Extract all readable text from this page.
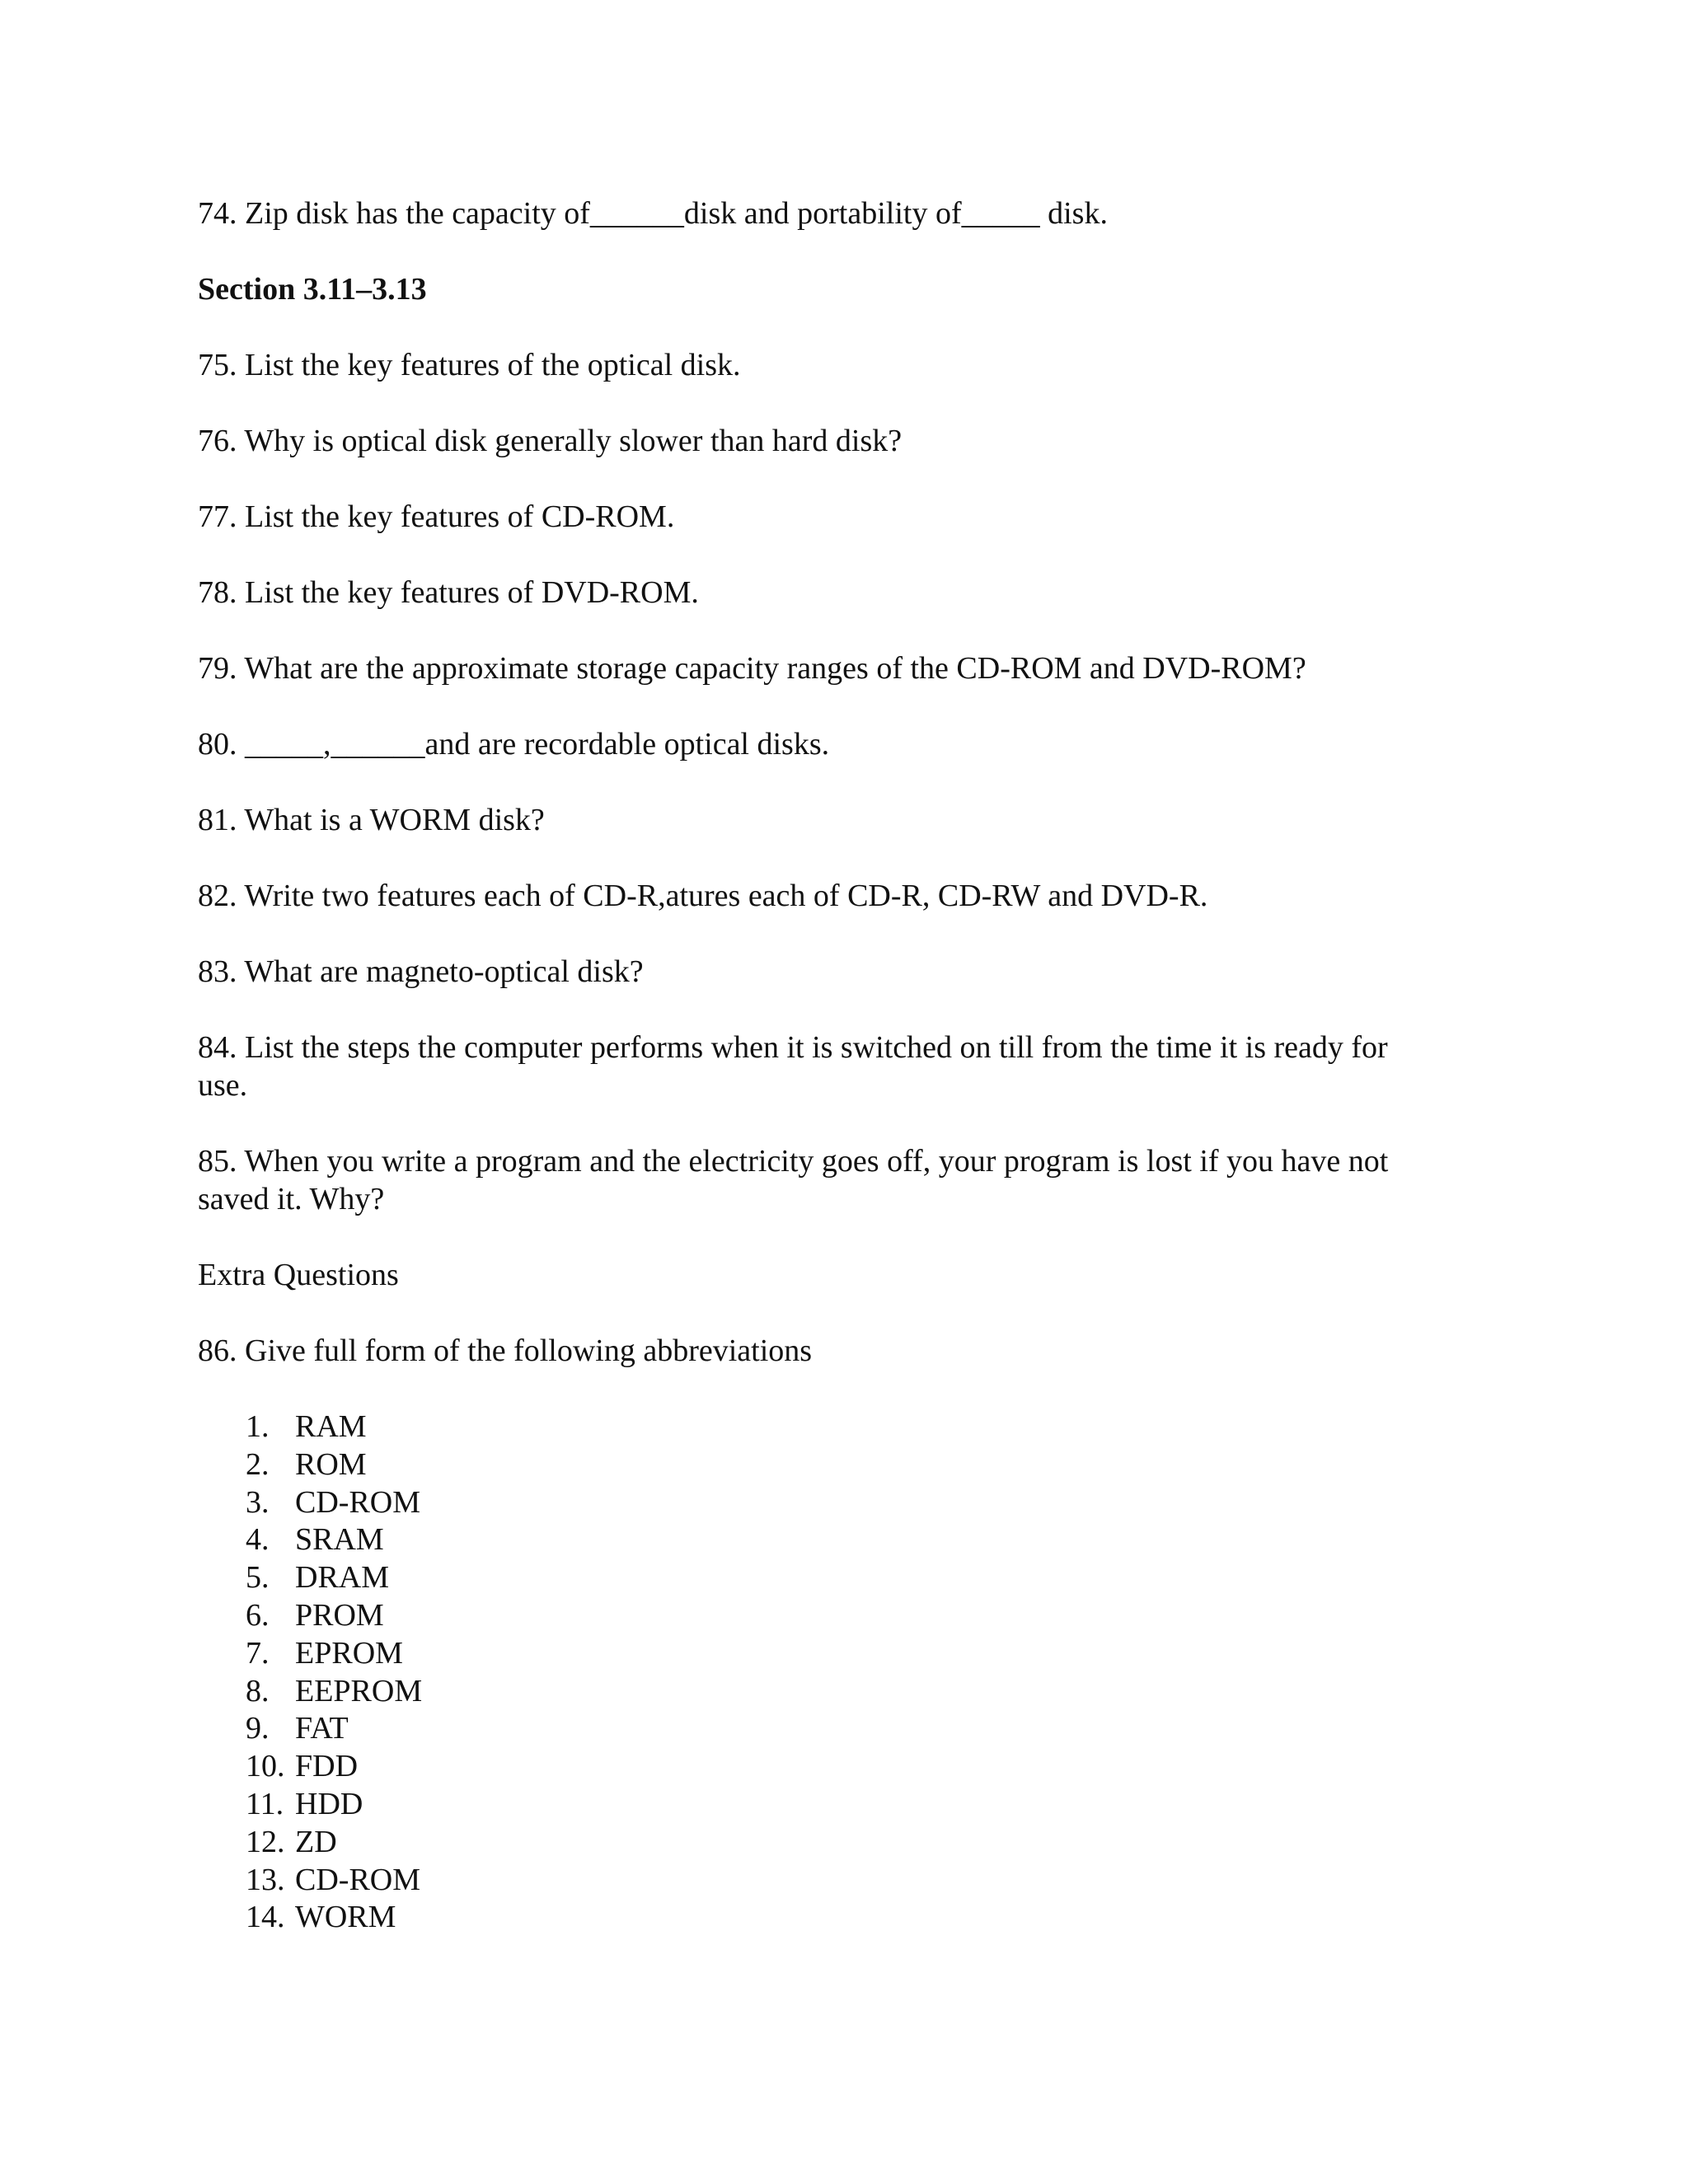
74. Zip disk has the capacity of______disk and portability of_____ disk.
Section 3.11–3.13
75. List the key features of the optical disk.
76. Why is optical disk generally slower than hard disk?
77. List the key features of CD-ROM.
78. List the key features of DVD-ROM.
79. What are the approximate storage capacity ranges of the CD-ROM and DVD-ROM?
80. _____,______and are recordable optical disks.
81. What is a WORM disk?
82. Write two features each of CD-R,atures each of CD-R, CD-RW and DVD-R.
83. What are magneto-optical disk?
84. List the steps the computer performs when it is switched on till from the time it is ready for use.
85. When you write a program and the electricity goes off, your program is lost if you have not saved it. Why?
Extra Questions
86. Give full form of the following abbreviations
1. RAM
2. ROM
3. CD-ROM
4. SRAM
5. DRAM
6. PROM
7. EPROM
8. EEPROM
9. FAT
10. FDD
11. HDD
12. ZD
13. CD-ROM
14. WORM
